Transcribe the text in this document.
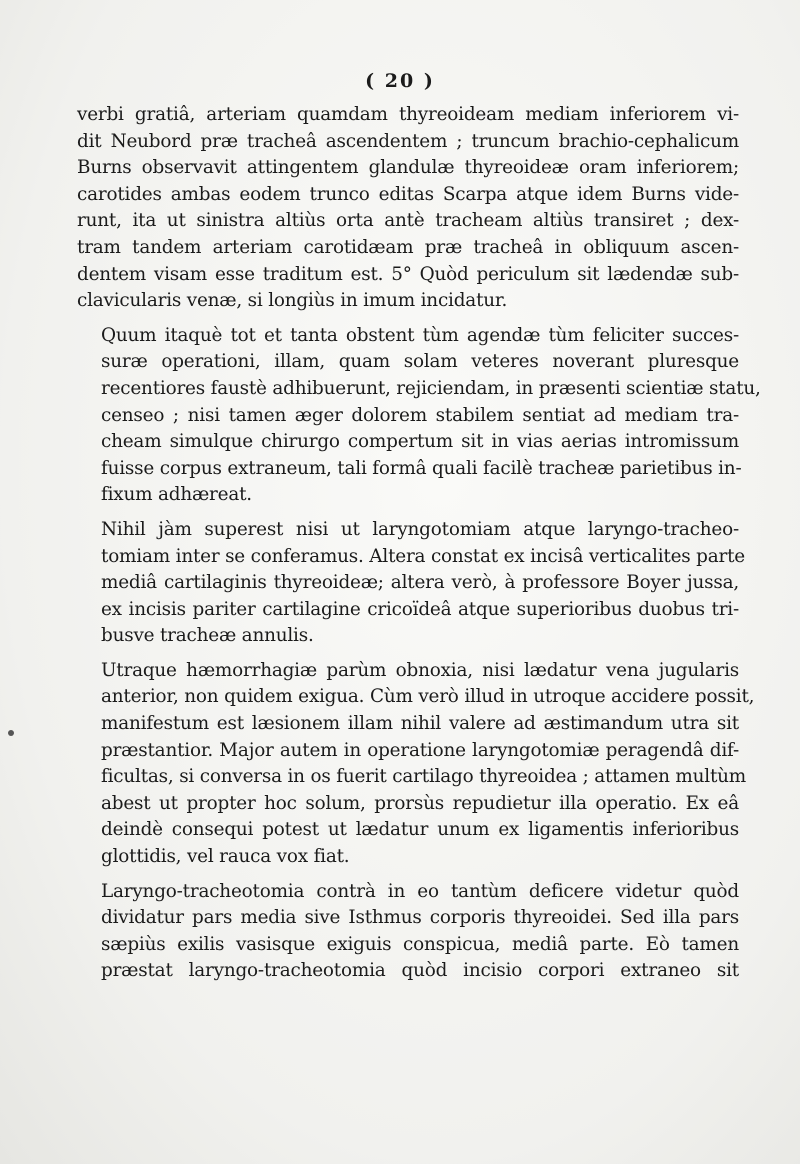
( 20 )

verbi gratiâ, arteriam quamdam thyreoideam mediam inferiorem vi-
dit Neubord præ tracheâ ascendentem ; truncum brachio-cephalicum
Burns observavit attingentem glandulæ thyreoideæ oram inferiorem;
carotides ambas eodem trunco editas Scarpa atque idem Burns vide-
runt, ita ut sinistra altiùs orta antè tracheam altiùs transiret ; dex-
tram tandem arteriam carotidæam præ tracheâ in obliquum ascen-
dentem visam esse traditum est. 5° Quòd periculum sit lædendæ sub-
clavicularis venæ, si longiùs in imum incidatur.

Quum itaquè tot et tanta obstent tùm agendæ tùm feliciter succes-
suræ operationi, illam, quam solam veteres noverant pluresque
recentiores faustè adhibuerunt, rejiciendam, in præsenti scientiæ statu,
censeo ; nisi tamen æger dolorem stabilem sentiat ad mediam tra-
cheam simulque chirurgo compertum sit in vias aerias intromissum
fuisse corpus extraneum, tali formâ quali facilè tracheæ parietibus in-
fixum adhæreat.

Nihil jàm superest nisi ut laryngotomiam atque laryngo-tracheo-
tomiam inter se conferamus. Altera constat ex incisâ verticalites parte
mediâ cartilaginis thyreoideæ; altera verò, à professore Boyer jussa,
ex incisis pariter cartilagine cricoïdeâ atque superioribus duobus tri-
busve tracheæ annulis.

Utraque hæmorrhagiæ parùm obnoxia, nisi lædatur vena jugularis
anterior, non quidem exigua. Cùm verò illud in utroque accidere possit,
manifestum est læsionem illam nihil valere ad æstimandum utra sit
præstantior. Major autem in operatione laryngotomiæ peragendâ dif-
ficultas, si conversa in os fuerit cartilago thyreoidea ; attamen multùm
abest ut propter hoc solum, prorsùs repudietur illa operatio. Ex eâ
deindè consequi potest ut lædatur unum ex ligamentis inferioribus
glottidis, vel rauca vox fiat.

Laryngo-tracheotomia contrà in eo tantùm deficere videtur quòd
dividatur pars media sive Isthmus corporis thyreoidei. Sed illa pars
sæpiùs exilis vasisque exiguis conspicua, mediâ parte. Eò tamen
præstat laryngo-tracheotomia quòd incisio corpori extraneo sit
